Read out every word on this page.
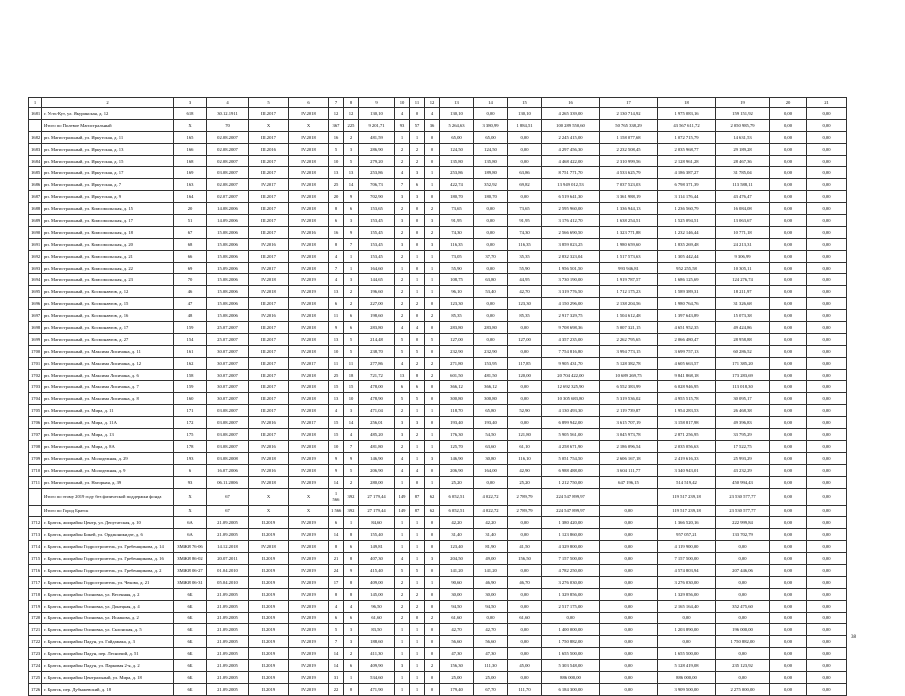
1	2	3	4	5	6	7	8	9	10	11	12	13	14	15	16	17	18	19	20	21
1681	г. Усть-Кут, ул. Якуринская, д. 12	618	30.12.1911	III.2017	IV.2018	12	12	130,10	4	0	4	130,10	0,00	130,10	4 265 339,00	2 130 714,92	1 975 083,16	159 151,92	0,00	0,00
	Итого по Полевое Магистральный	Х	70	Х	Х	367	225	9 201,71	93	57	36	5 264,63	3 380,99	1 884,51	100 289 550,60	50 765 338,29	43 567 611,72	2 050 985,79	0,00	0,00
1682	рп. Магистральный, ул. Иркутская, д. 11	165	02.08.2007	III.2017	IV.2018	16	2	481,59	1	1	0	65,00	65,00	0,00	2 245 415,00	1 158 077,68	1 072 715,79	14 631,53	0,00	0,00
1683	рп. Магистральный, ул. Иркутская, д. 13	166	02.08.2007	III.2016	IV.2018	5	3	286,90	2	2	0	124,50	124,50	0,00	4 297 456,30	2 232 508,45	2 035 968,77	29 189,28	0,00	0,00
1684	рп. Магистральный, ул. Иркутская, д. 15	168	02.08.2007	III.2017	IV.2018	10	5	279,20	2	2	0	135,80	135,80	0,00	4 468 422,00	2 310 999,56	2 128 961,28	28 467,36	0,00	0,00
1685	рп. Магистральный, ул. Иркутская, д. 17	169	03.08.2007	III.2017	IV.2018	13	13	253,86	4	3	1	253,86	189,80	63,86	8 751 771,70	4 533 625,79	4 186 387,27	31 785,04	0,00	0,00
1686	рп. Магистральный, ул. Иркутская, д. 7	163	02.08.2007	IV.2017	IV.2018	25	14	706,73	7	6	1	422,74	352,92	69,82	13 949 012,53	7 037 523,03	6 798 371,39	113 588,11	0,00	0,00
1687	рп. Магистральный, ул. Иркутская, д. 9	164	02.07.2007	III.2017	IV.2018	20	9	702,90	3	3	0	180,70	180,70	0,00	6 519 641,30	3 361 988,19	3 114 176,44	43 476,47	0,00	0,00
1688	рп. Магистральный, ул. Комсомольская, д. 15	20	14.08.2006	III.2017	IV.2018	8	6	153,65	2	0	2	73,65	0,00	73,65	2 595 960,00	1 336 944,13	1 236 560,79	16 084,08	0,00	0,00
1689	рп. Магистральный, ул. Комсомольская, д. 17	51	14.09.2006	III.2017	IV.2018	6	3	153,45	3	0	3	91,95	0,00	91,95	3 176 412,70	1 638 254,51	1 525 094,51	13 063,67	0,00	0,00
1690	рп. Магистральный, ул. Комсомольская, д. 18	67	15.08.2006	III.2017	IV.2016	16	9	155,45	2	0	2	74,30	0,00	74,30	2 566 690,50	1 323 771,88	1 232 146,44	10 771,18	0,00	0,00
1691	рп. Магистральный, ул. Комсомольская, д. 20	68	15.08.2006	IV.2016	IV.2018	8	7	153,45	3	0	3	116,35	0,00	116,35	3 859 023,25	1 980 659,60	1 835 269,48	24 213,31	0,00	0,00
1692	рп. Магистральный, ул. Комсомольская, д. 21	66	15.08.2006	III.2017	IV.2018	4	1	153,45	2	1	1	73,05	37,70	35,35	2 832 323,04	1 517 573,63	1 305 442,44	9 306,99	0,00	0,00
1693	рп. Магистральный, ул. Комсомольская, д. 22	69	15.09.2006	IV.2017	IV.2018	7	1	164,60	1	0	1	55,90	0,00	55,90	1 956 501,50	993 946,81	952 255,58	10 305,11	0,00	0,00
1694	рп. Магистральный, ул. Комсомольская, д. 23	70	15.08.2006	IV.2018	IV.2019	4	3	144,65	2	1	1	108,75	63,80	44,95	3 730 190,00	1 919 787,57	1 686 125,69	124 276,74	0,00	0,00
1695	рп. Магистральный, ул. Космонавтов, д. 12	46	15.08.2006	IV.2018	IV.2019	13	2	196,60	2	1	1	96,10	53,40	42,70	3 319 776,50	1 712 175,23	1 589 389,31	18 211,97	0,00	0,00
1696	рп. Магистральный, ул. Космонавтов, д. 15	47	15.08.2006	III.2017	IV.2018	6	2	227,00	2	2	0	123,30	0,00	123,30	4 150 296,00	2 138 204,56	1 980 764,76	31 326,68	0,00	0,00
1697	рп. Магистральный, ул. Космонавтов, д. 16	48	15.08.2006	IV.2016	IV.2018	11	6	198,60	2	0	2	85,35	0,00	85,35	2 917 329,75	1 504 612,48	1 397 643,89	15 073,38	0,00	0,00
1698	рп. Магистральный, ул. Космонавтов, д. 17	159	25.07.2007	III.2017	IV.2018	9	6	283,80	4	4	0	283,80	283,80	0,00	9 708 698,36	5 007 321,15	4 651 952,35	49 424,86	0,00	0,00
1699	рп. Магистральный, ул. Космонавтов, д. 27	154	25.07.2007	III.2017	IV.2018	13	5	214,48	5	0	5	127,00	0,00	127,00	4 357 235,00	2 262 795,65	2 066 480,47	28 958,88	0,00	0,00
1700	рп. Магистральный, ул. Максима Лисичина, д. 11	161	30.07.2007	III.2017	IV.2018	10	5	238,70	5	5	0	232,90	232,90	0,00	7 754 816,80	3 994 773,15	3 699 757,13	60 286,52	0,00	0,00
1701	рп. Магистральный, ул. Максима Лисичина, д. 12	162	30.07.2007	III.2017	IV.2017	11	11	277,86	4	2	2	271,80	153,95	117,85	9 905 431,70	5 128 382,78	4 605 663,57	171 385,20	0,00	0,00
1702	рп. Магистральный, ул. Максима Лисичина, д. 6	158	30.07.2007	III.2017	IV.2018	25	18	721,72	13	8	2	601,50	481,50	120,00	20 704 422,00	10 689 269,75	9 841 868,18	173 283,69	0,00	0,00
1703	рп. Магистральный, ул. Максима Лисичина, д. 7	159	30.07.2007	III.2017	IV.2018	15	15	478,00	6	6	0	366,12	366,12	0,00	12 692 325,90	6 552 383,99	6 028 946,95	113 018,30	0,00	0,00
1704	рп. Магистральный, ул. Максима Лисичина, д. 8	160	30.07.2007	III.2017	IV.2018	13	10	478,90	5	5	0	300,80	300,80	0,00	10 305 683,80	5 319 536,02	4 955 515,78	30 095,17	0,00	0,00
1705	рп. Магистральный, ул. Мира, д. 11	171	03.08.2007	III.2017	IV.2018	4	3	471,04	2	1	1	118,70	65,80	52,90	4 130 493,30	2 119 739,87	1 954 283,53	26 468,38	0,00	0,00
1706	рп. Магистральный, ул. Мира, д. 11А	172	03.08.2007	IV.2016	IV.2017	15	14	256,01	3	3	0	193,40	193,40	0,00	6 899 942,00	3 615 707,19	3 158 817,98	49 396,83	0,00	0,00
1707	рп. Магистральный, ул. Мира, д. 13	175	03.08.2007	III.2017	IV.2018	15	4	485,20	3	2	1	176,30	54,50	121,80	5 905 561,00	3 045 973,78	2 871 256,95	33 795,29	0,00	0,00
1708	рп. Магистральный, ул. Мира, д. 8А	178	03.08.2007	IV.2016	IV.2018	10	7	481,80	2	1	1	125,70	63,60	61,10	4 258 671,90	2 186 096,54	2 035 056,63	17 522,75	0,00	0,00
1709	рп. Магистральный, ул. Молодежная, д. 29	193	03.08.2008	IV.2018	IV.2019	9	9	146,90	4	1	3	146,90	30,80	116,10	5 051 754,50	2 606 167,18	2 419 616,33	25 993,29	0,00	0,00
1710	рп. Магистральный, ул. Молодежная, д. 9	6	16.07.2006	IV.2016	IV.2018	9	5	206,90	4	4	0	206,90	164,00	42,90	6 988 488,00	3 604 111,77	3 340 943,01	43 232,29	0,00	0,00
1711	рп. Магистральный, ул. Нагорная, д. 39	93	06.11.2006	IV.2018	IV.2019	14	2	280,00	1	0	1	25,20	0,00	25,20	1 212 750,00	647 196,15	514 519,42	450 994,43	0,00	0,00
	Итого по этому 2019 году без физической поддержки фонда	Х	67	Х	Х	1 566	392	27 179,44	149	87	62	6 052,51	4 022,72	2 789,79	224 547 899,97		119 517 239,18	23 530 577,77	0,00	0,00
	Итого по Город Братск	Х	67	Х	Х	1 566	392	27 179,44	149	87	62	6 052,51	4 022,72	2 789,79	224 547 899,97	0,00	119 517 239,18	23 530 577,77	0,00	0,00
1712	г. Братск, жилрайон Центр, ул. Депутатская, д. 10	6А	21.09.2005	II.2019	IV.2019	6	1	84,60	1	1	0	42,20	42,20	0,00	1 380 420,00	0,00	1 366 520,16	222 999,84	0,00	0,00
1713	г. Братск, жилрайон Бикей, ул. Орджоникидзе, д. 6	6А	21.09.2005	II.2019	IV.2019	14	8	155,40	1	1	0	31,40	31,40	0,00	1 123 860,00	0,00	957 057,21	133 702,79	0,00	0,00
1714	г. Братск, жилрайон Гидростроитель, ул. Гребенщикова, д. 14	ЗМЖЯ 76-06	14.12.2018	IV.2018	IV.2018	8	6	149,81	1	1	0	123,40	81,90	41,50	4 329 800,00	0,00	4 119 900,00	0,00	0,00	0,00
1715	г. Братск, жилрайон Гидростроитель, ул. Гребенщикова, д. 16	ЗМЖЯ 86-02	20.07.2011	II.2019	IV.2019	21	8	407,30	4	1	3	204,50	49,00	156,50	7 157 500,00	0,00	7 157 500,00	0,00	0,00	0,00
1716	г. Братск, жилрайон Гидростроитель, ул. Гребенщикова, д. 2	ЗМЖЯ 06-27	01.04.2010	II.2019	IV.2019	24	9	415,40	5	5	0	141,20	141,20	0,00	4 782 250,00	0,00	4 574 803,94	207 446,06	0,00	0,00
1717	г. Братск, жилрайон Гидростроитель, ул. Чекова, д. 21	ЗМЖЯ 06-31	05.04.2010	II.2019	IV.2019	17	8	409,00	2	1	1	90,60	46,90	46,70	3 276 030,00	0,00	3 276 030,00	0,00	0,00	0,00
1718	г. Братск, жилрайон Осиновка, ул. Весенняя, д. 2	6Б	21.09.2005	II.2019	IV.2019	8	8	145,00	2	2	0	30,00	30,00	0,00	1 329 856,00	0,00	1 329 856,00	0,00	0,00	0,00
1719	г. Братск, жилрайон Осиновка, ул. Донецкая, д. 4	6Б	21.09.2005	II.2019	IV.2019	4	4	96,50	2	2	0	94,50	94,50	0,00	2 517 175,00	0,00	2 165 164,40	352 475,60	0,00	0,00
1720	г. Братск, жилрайон Осиновка, ул. Исаакова, д. 2	6Б	21.09.2005	II.2019	IV.2019	6	6	61,60	2	0	2	61,60	0,00	61,60	0,00	0,00	0,00	0,00	0,00	0,00
1721	г. Братск, жилрайон Осиновка, ул. Склонская, д. 5	6Б	21.09.2005	II.2019	IV.2019	5	3	83,50	1	1	0	42,70	42,70	0,00	1 400 000,00	0,00	1 203 890,00	196 000,00	0,00	0,00
1722	г. Братск, жилрайон Падун, ул. Гайдамака, д. 3	6Б	21.09.2005	II.2019	IV.2019	7	3	188,60	1	1	0	56,60	56,60	0,00	1 750 882,00	0,00	0,00	1 750 882,00	0,00	0,00
1723	г. Братск, жилрайон Падун, пер. Лесничий, д. 51	6Б	21.09.2005	II.2019	IV.2019	14	2	411,30	1	1	0	47,30	47,30	0,00	1 655 500,00	0,00	1 655 500,00	0,00	0,00	0,00
1724	г. Братск, жилрайон Падун, ул. Парковая 2-я, д. 2	6Б	21.09.2005	II.2019	IV.2019	14	6	409,90	3	1	2	156,30	111,30	45,00	5 303 548,00	0,00	5 128 419,08	235 123,92	0,00	0,00
1725	г. Братск, жилрайон Центральный, ул. Мира, д. 18	6Б	21.09.2005	II.2019	IV.2019	31	1	534,60	1	1	0	25,00	25,00	0,00	886 000,00	0,00	886 000,00	0,00	0,00	0,00
1726	г. Братск, пер. Дубыжевский, д. 18	6Б	21.09.2005	II.2019	IV.2019	22	8	471,90	1	1	0	179,40	67,70	111,70	6 184 300,00	0,00	3 909 500,00	2 275 000,00	0,00	0,00
38
